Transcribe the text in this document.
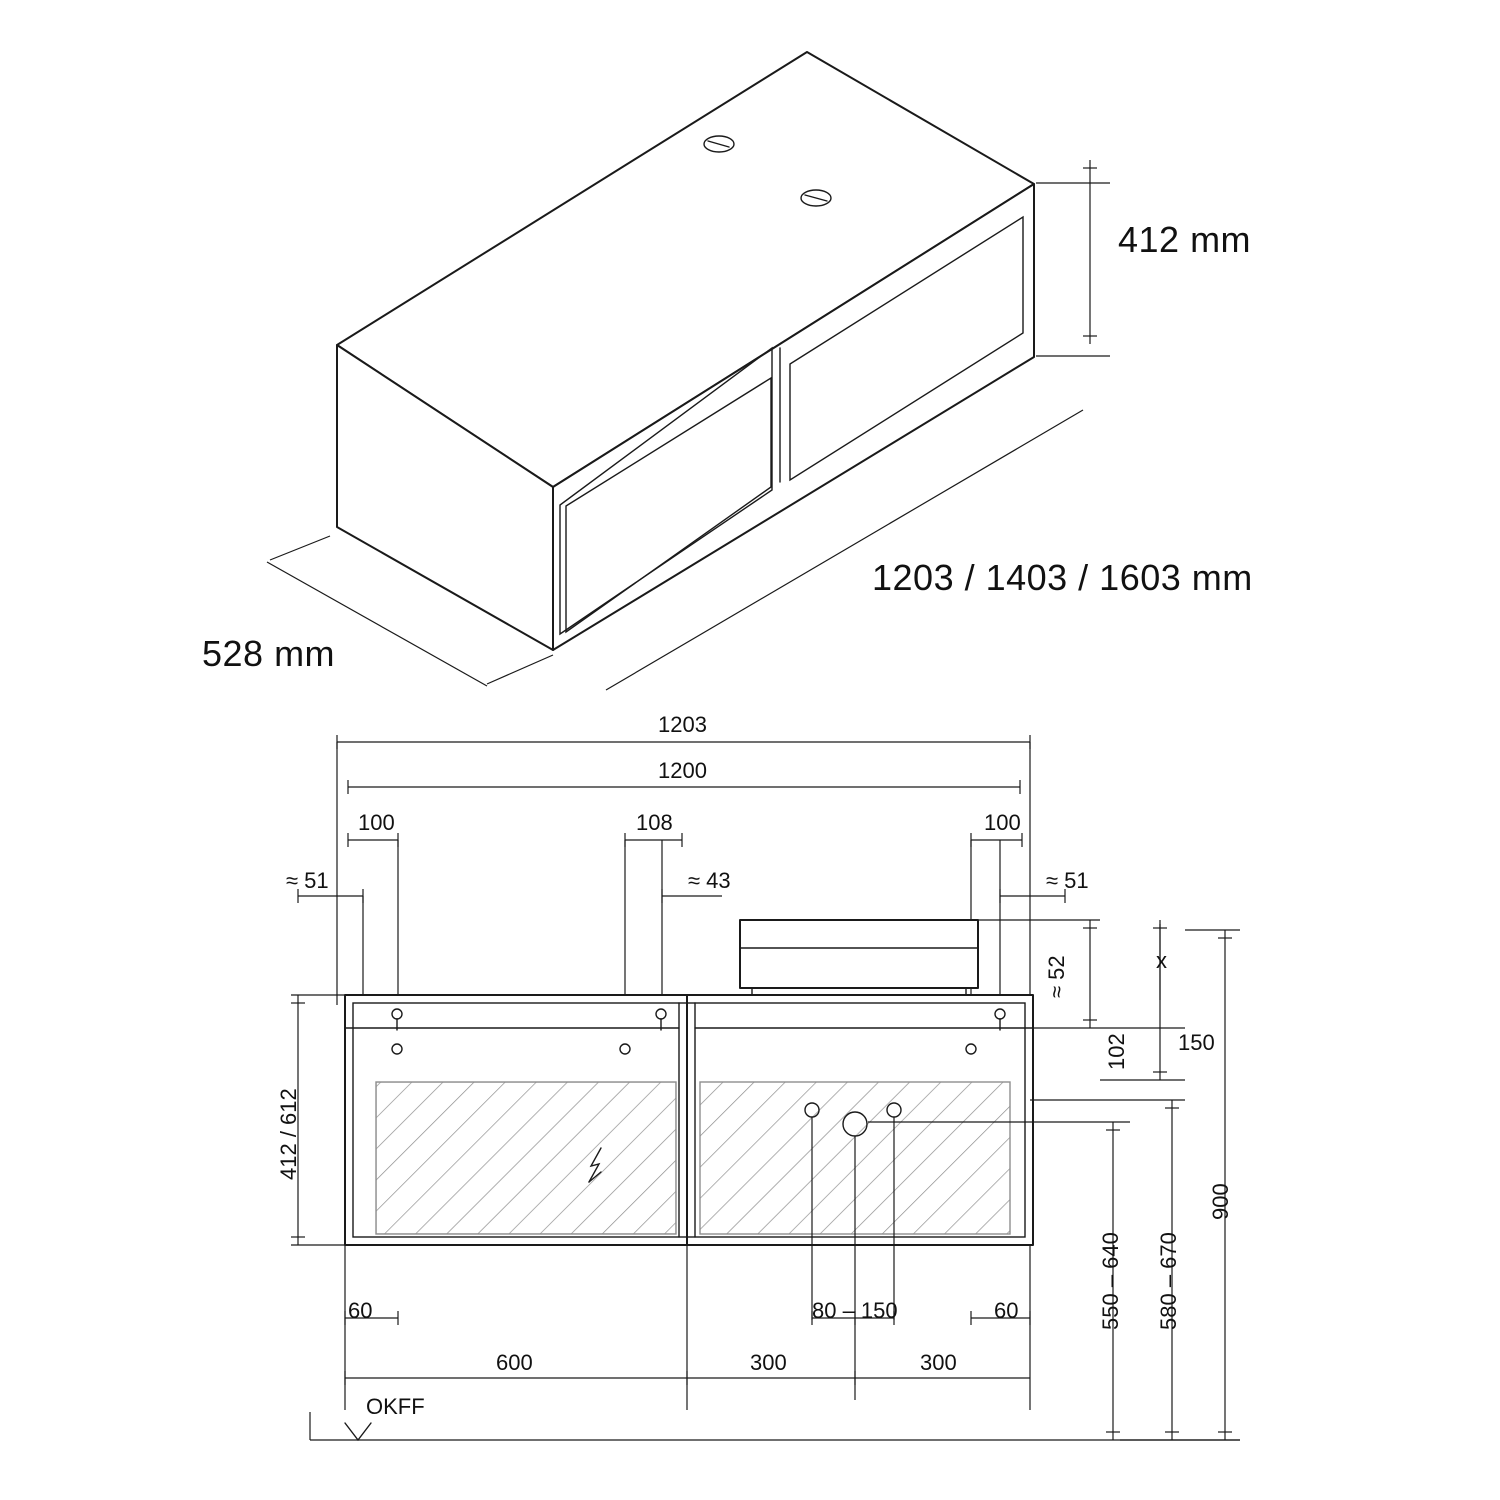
412 mm
1203 / 1403 / 1603 mm
528 mm
1203
1200
100	108	100
≈ 51	≈ 43	≈ 51
≈ 52
102 150
x
412 / 612
60	80 – 150	60
600	300	300
OKFF
900
550 – 640 580 – 670
